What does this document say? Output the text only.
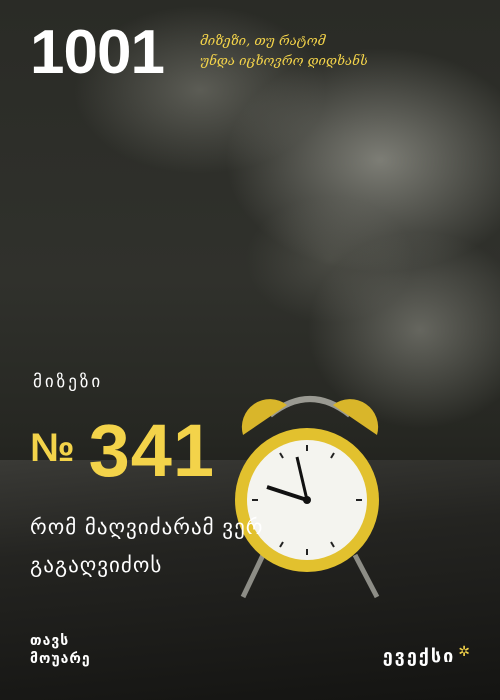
1001	მიზეზი, თუ რატომ
უნდა იცხოვრო დიდხანს
მიზეზი
№ 341
რომ მაღვიძარამ ვერ
გაგაღვიძოს
თავს
მოუარე	ევექსი ✲
